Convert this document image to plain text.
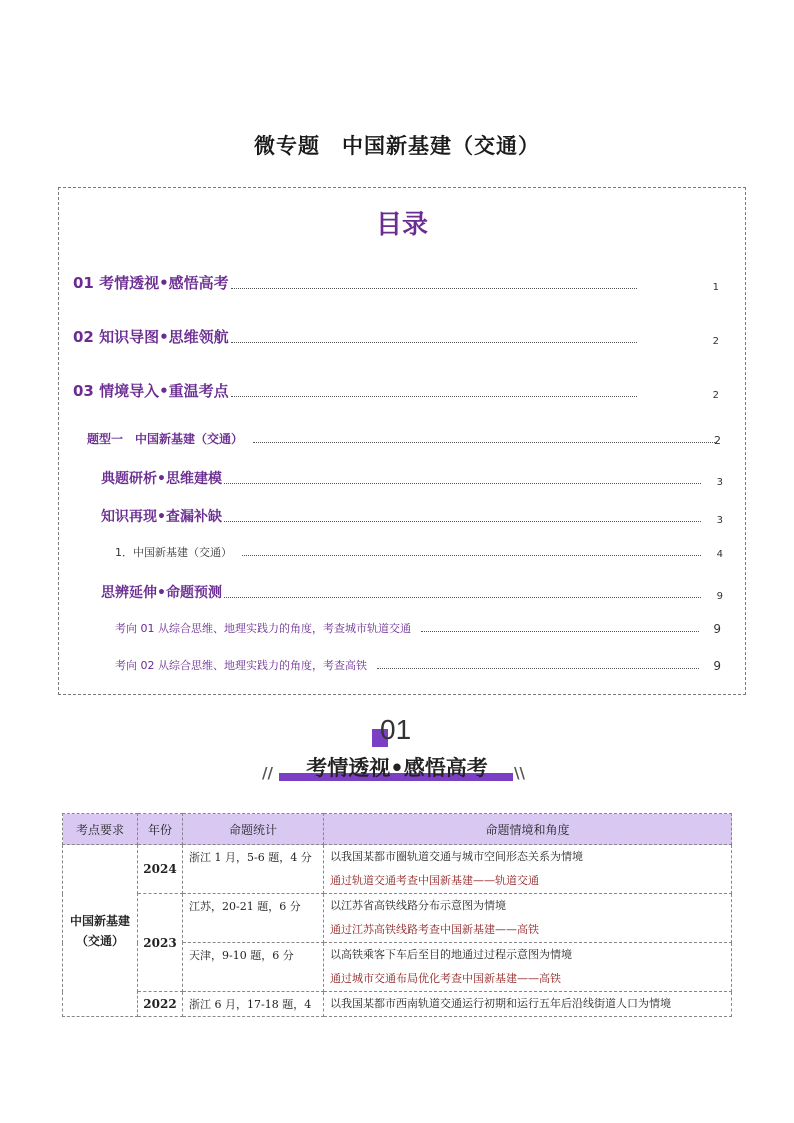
微专题 中国新基建（交通）
目录
01 考情透视•感悟高考	1
02 知识导图•思维领航	2
03 情境导入•重温考点	2
题型一　中国新基建（交通）	2
典题研析•思维建模	3
知识再现•查漏补缺	3
1．中国新基建（交通）	4
思辨延伸•命题预测	9
考向 01 从综合思维、地理实践力的角度，考查城市轨道交通	9
考向 02 从综合思维、地理实践力的角度，考查高铁	9
01
//	考情透视•感悟高考	\\
考点要求	年份	命题统计	命题情境和角度

中国新基建（交通）	2024	浙江 1 月，5-6 题，4 分	以我国某都市圈轨道交通与城市空间形态关系为情境
通过轨道交通考查中国新基建——轨道交通

	2023	江苏，20-21 题，6 分	以江苏省高铁线路分布示意图为情境
通过江苏高铁线路考查中国新基建——高铁

		天津，9-10 题，6 分	以高铁乘客下车后至目的地通过过程示意图为情境
通过城市交通布局优化考查中国新基建——高铁

	2022	浙江 6 月，17-18 题，4	以我国某都市西南轨道交通运行初期和运行五年后沿线街道人口为情境
